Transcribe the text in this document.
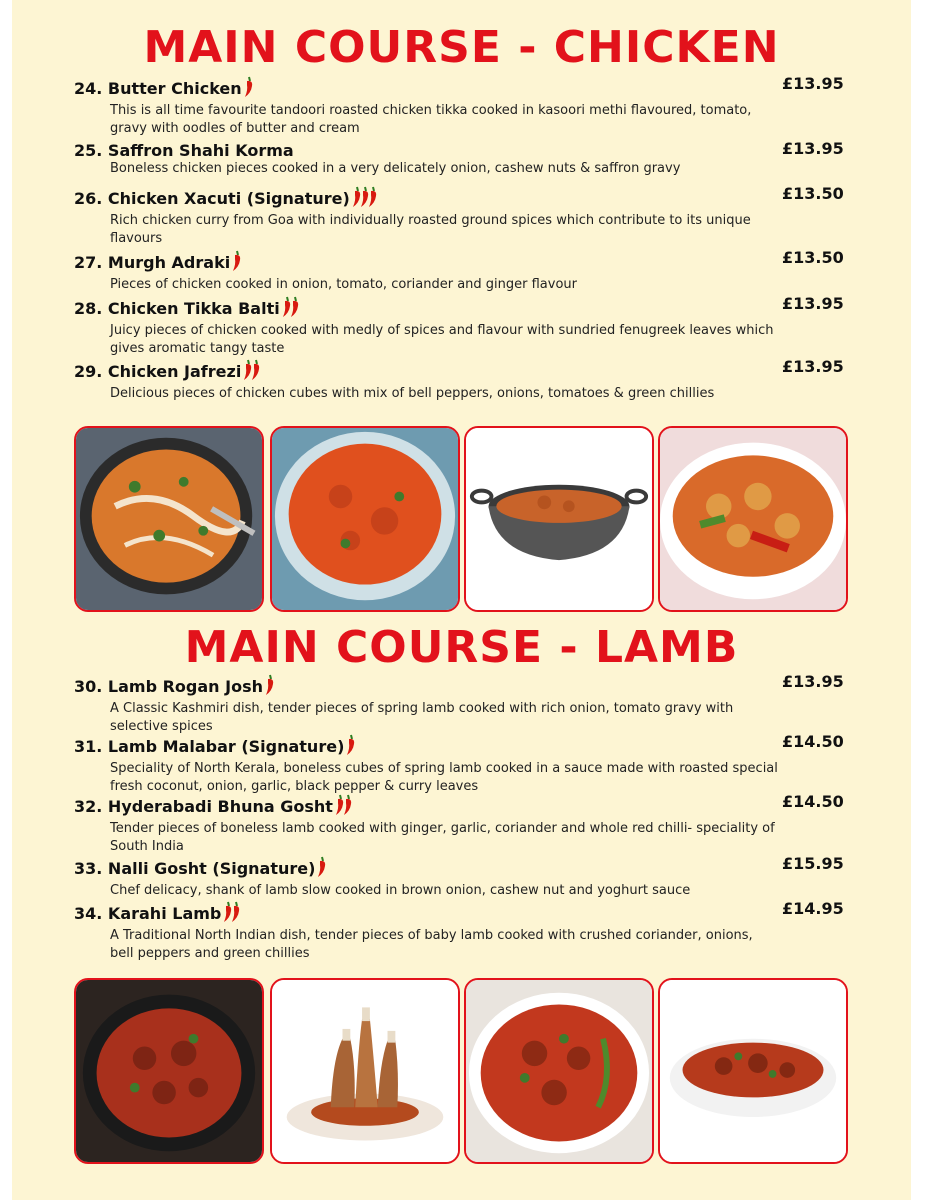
MAIN COURSE - CHICKEN
24. Butter Chicken	£13.95

This is all time favourite tandoori roasted chicken tikka cooked in kasoori methi flavoured, tomato, gravy with oodles of butter and cream

25. Saffron Shahi Korma	£13.95

Boneless chicken pieces cooked in a very delicately onion, cashew nuts & saffron gravy

26. Chicken Xacuti (Signature)	£13.50

Rich chicken curry from Goa with individually roasted ground spices which contribute to its unique flavours

27. Murgh Adraki	£13.50

Pieces of chicken cooked in onion, tomato, coriander and ginger flavour

28. Chicken Tikka Balti	£13.95

Juicy pieces of chicken cooked with medly of spices and flavour with sundried fenugreek leaves which gives aromatic tangy taste

29. Chicken Jafrezi	£13.95

Delicious pieces of chicken cubes with mix of bell peppers, onions, tomatoes & green chillies

MAIN COURSE - LAMB
30. Lamb Rogan Josh	£13.95

A Classic Kashmiri dish, tender pieces of spring lamb cooked with rich onion, tomato gravy with selective spices

31. Lamb Malabar (Signature)	£14.50

Speciality of North Kerala, boneless cubes of spring lamb cooked in a sauce made with roasted special fresh coconut, onion, garlic, black pepper & curry leaves

32. Hyderabadi Bhuna Gosht	£14.50

Tender pieces of boneless lamb cooked with ginger, garlic, coriander and whole red chilli- speciality of South India

33. Nalli Gosht (Signature)	£15.95

Chef delicacy, shank of lamb slow cooked in brown onion, cashew nut and yoghurt sauce

34. Karahi Lamb	£14.95

A Traditional North Indian dish, tender pieces of baby lamb cooked with crushed coriander, onions, bell peppers and green chillies
